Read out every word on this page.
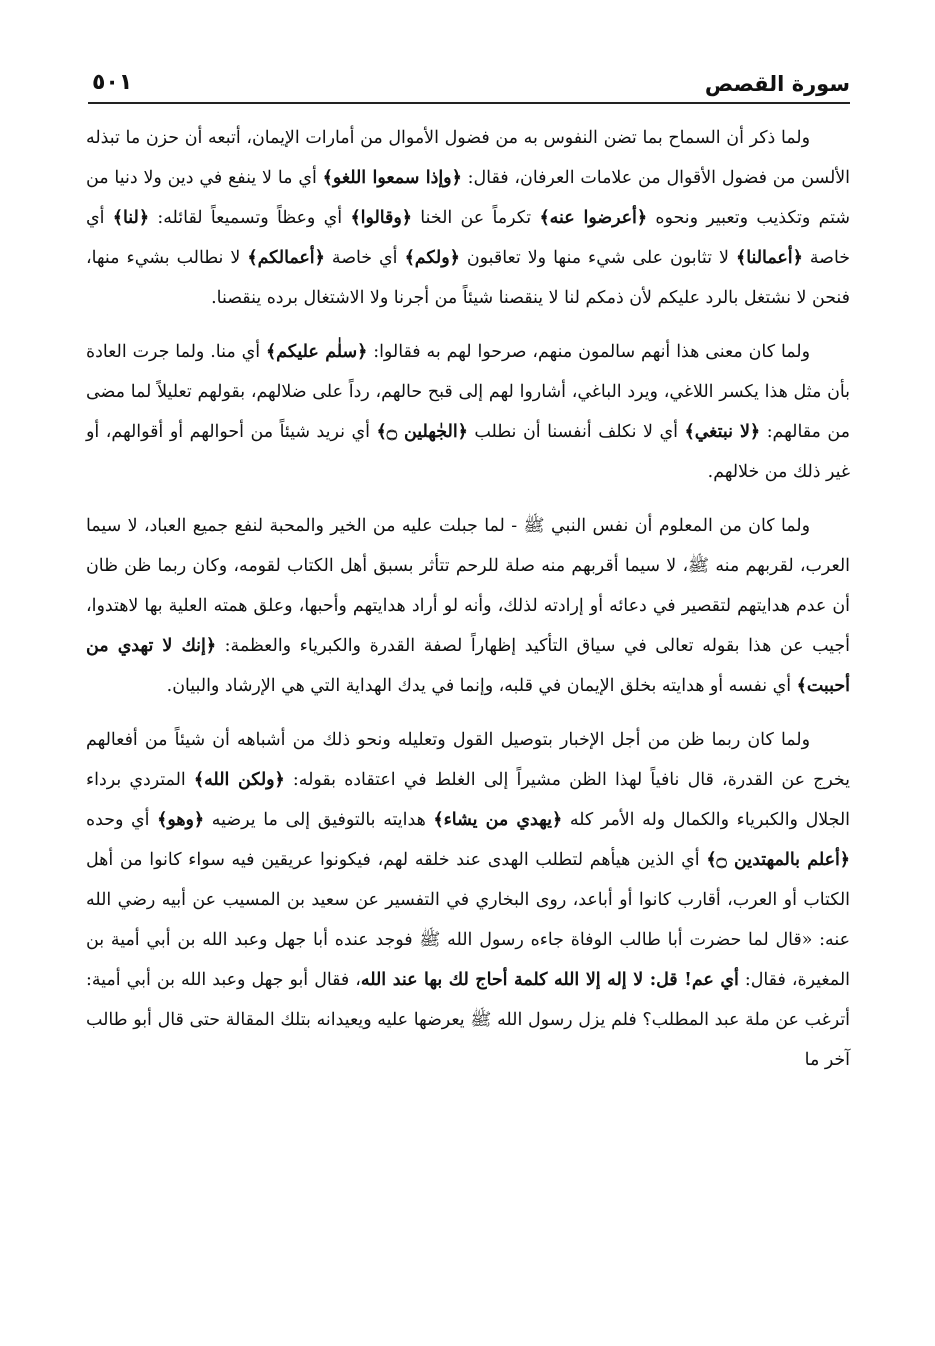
سورة القصص
٥٠١

ولما ذكر أن السماح بما تضن النفوس به من فضول الأموال من أمارات الإيمان، أتبعه أن حزن ما تبذله الألسن من فضول الأقوال من علامات العرفان، فقال: ﴿وإذا سمعوا اللغو﴾ أي ما لا ينفع في دين ولا دنيا من شتم وتكذيب وتعبير ونحوه ﴿أعرضوا عنه﴾ تكرماً عن الخنا ﴿وقالوا﴾ أي وعظاً وتسميعاً لقائله: ﴿لنا﴾ أي خاصة ﴿أعمالنا﴾ لا تثابون على شيء منها ولا تعاقبون ﴿ولكم﴾ أي خاصة ﴿أعمالكم﴾ لا نطالب بشيء منها، فنحن لا نشتغل بالرد عليكم لأن ذمكم لنا لا ينقصنا شيئاً من أجرنا ولا الاشتغال برده ينقصنا.

ولما كان معنى هذا أنهم سالمون منهم، صرحوا لهم به فقالوا: ﴿سلٰم عليكم﴾ أي منا. ولما جرت العادة بأن مثل هذا يكسر اللاغي، ويرد الباغي، أشاروا لهم إلى قبح حالهم، رداً على ضلالهم، بقولهم تعليلاً لما مضى من مقالهم: ﴿لا نبتغي﴾ أي لا نكلف أنفسنا أن نطلب ﴿الجٰهلين ۝﴾ أي نريد شيئاً من أحوالهم أو أقوالهم، أو غير ذلك من خلالهم.

ولما كان من المعلوم أن نفس النبي ﷺ - لما جبلت عليه من الخير والمحبة لنفع جميع العباد، لا سيما العرب، لقربهم منه ﷺ، لا سيما أقربهم منه صلة للرحم تتأثر بسبق أهل الكتاب لقومه، وكان ربما ظن ظان أن عدم هدايتهم لتقصير في دعائه أو إرادته لذلك، وأنه لو أراد هدايتهم وأحبها، وعلق همته العلية بها لاهتدوا، أجيب عن هذا بقوله تعالى في سياق التأكيد إظهاراً لصفة القدرة والكبرياء والعظمة: ﴿إنك لا تهدي من أحببت﴾ أي نفسه أو هدايته بخلق الإيمان في قلبه، وإنما في يدك الهداية التي هي الإرشاد والبيان.

ولما كان ربما ظن من أجل الإخبار بتوصيل القول وتعليله ونحو ذلك من أشباهه أن شيئاً من أفعالهم يخرج عن القدرة، قال نافياً لهذا الظن مشيراً إلى الغلط في اعتقاده بقوله: ﴿ولكن الله﴾ المتردي برداء الجلال والكبرياء والكمال وله الأمر كله ﴿يهدي من يشاء﴾ هدايته بالتوفيق إلى ما يرضيه ﴿وهو﴾ أي وحده ﴿أعلم بالمهتدين ۝﴾ أي الذين هيأهم لتطلب الهدى عند خلقه لهم، فيكونوا عريقين فيه سواء كانوا من أهل الكتاب أو العرب، أقارب كانوا أو أباعد، روى البخاري في التفسير عن سعيد بن المسيب عن أبيه رضي الله عنه: «قال لما حضرت أبا طالب الوفاة جاءه رسول الله ﷺ فوجد عنده أبا جهل وعبد الله بن أبي أمية بن المغيرة، فقال: أي عم! قل: لا إله إلا الله كلمة أحاج لك بها عند الله، فقال أبو جهل وعبد الله بن أبي أمية: أترغب عن ملة عبد المطلب؟ فلم يزل رسول الله ﷺ يعرضها عليه ويعيدانه بتلك المقالة حتى قال أبو طالب آخر ما
